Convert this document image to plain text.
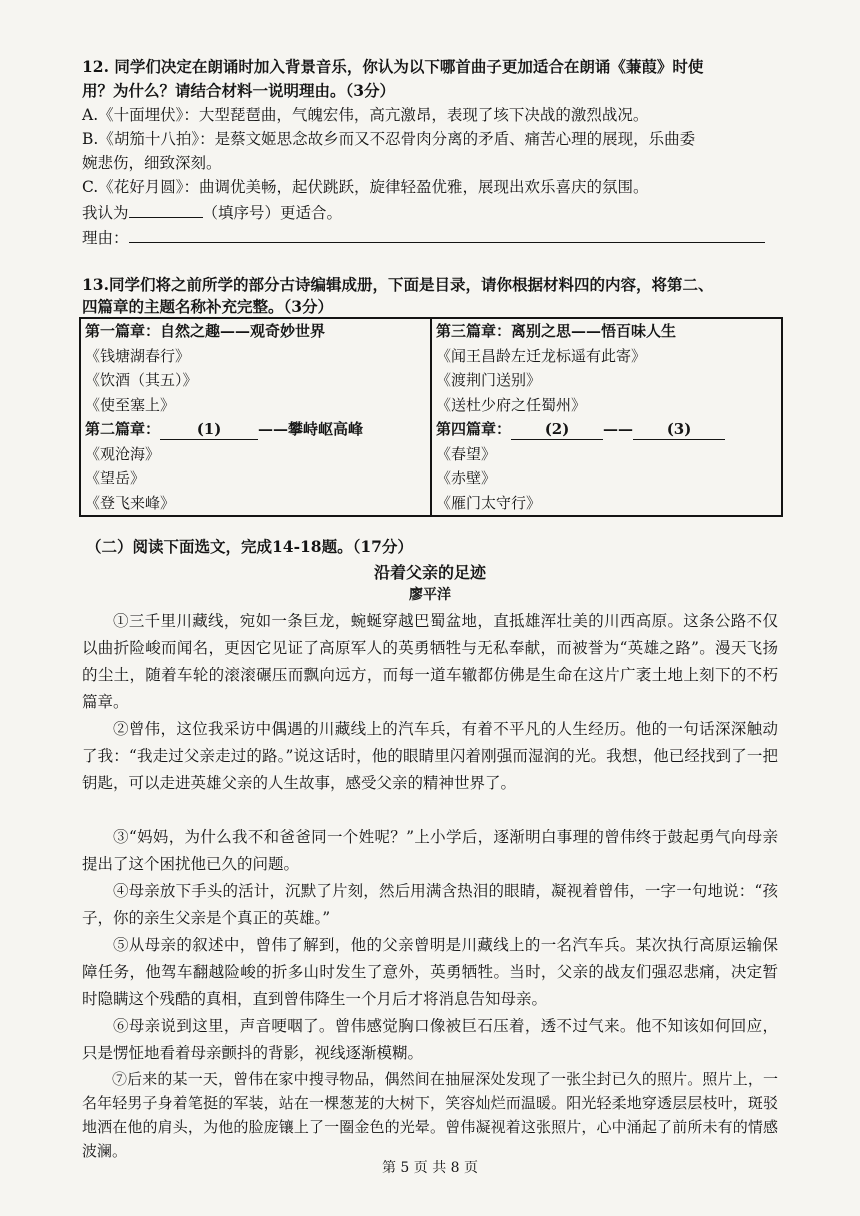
12. 同学们决定在朗诵时加入背景音乐，你认为以下哪首曲子更加适合在朗诵《蒹葭》时使
用？为什么？请结合材料一说明理由。（3分）
A.《十面埋伏》：大型琵琶曲，气魄宏伟，高亢激昂，表现了垓下决战的激烈战况。
B.《胡笳十八拍》：是蔡文姬思念故乡而又不忍骨肉分离的矛盾、痛苦心理的展现，乐曲委
婉悲伤，细致深刻。
C.《花好月圆》：曲调优美畅，起伏跳跃，旋律轻盈优雅，展现出欢乐喜庆的氛围。
我认为	（填序号）更适合。
理由：
13.同学们将之前所学的部分古诗编辑成册，下面是目录，请你根据材料四的内容，将第二、
四篇章的主题名称补充完整。（3分）
第一篇章：自然之趣——观奇妙世界
《钱塘湖春行》
《饮酒（其五）》
《使至塞上》
第二篇章： (1) ——攀峙岖高峰
《观沧海》
《望岳》
《登飞来峰》

第三篇章：离别之思——悟百味人生
《闻王昌龄左迁龙标遥有此寄》
《渡荆门送别》
《送杜少府之任蜀州》
第四篇章： (2) —— (3)
《春望》
《赤壁》
《雁门太守行》
（二）阅读下面选文，完成14-18题。（17分）
沿着父亲的足迹
廖平洋
①三千里川藏线，宛如一条巨龙，蜿蜒穿越巴蜀盆地，直抵雄浑壮美的川西高原。这条公路不仅以曲折险峻而闻名，更因它见证了高原军人的英勇牺牲与无私奉献，而被誉为“英雄之路”。漫天飞扬的尘土，随着车轮的滚滚碾压而飘向远方，而每一道车辙都仿佛是生命在这片广袤土地上刻下的不朽篇章。
②曾伟，这位我采访中偶遇的川藏线上的汽车兵，有着不平凡的人生经历。他的一句话深深触动了我：“我走过父亲走过的路。”说这话时，他的眼睛里闪着刚强而湿润的光。我想，他已经找到了一把钥匙，可以走进英雄父亲的人生故事，感受父亲的精神世界了。
③“妈妈，为什么我不和爸爸同一个姓呢？”上小学后，逐渐明白事理的曾伟终于鼓起勇气向母亲提出了这个困扰他已久的问题。
④母亲放下手头的活计，沉默了片刻，然后用满含热泪的眼睛，凝视着曾伟，一字一句地说：“孩子，你的亲生父亲是个真正的英雄。”
⑤从母亲的叙述中，曾伟了解到，他的父亲曾明是川藏线上的一名汽车兵。某次执行高原运输保障任务，他驾车翻越险峻的折多山时发生了意外，英勇牺牲。当时，父亲的战友们强忍悲痛，决定暂时隐瞒这个残酷的真相，直到曾伟降生一个月后才将消息告知母亲。
⑥母亲说到这里，声音哽咽了。曾伟感觉胸口像被巨石压着，透不过气来。他不知该如何回应，只是愣怔地看着母亲颤抖的背影，视线逐渐模糊。
⑦后来的某一天，曾伟在家中搜寻物品，偶然间在抽屉深处发现了一张尘封已久的照片。照片上，一名年轻男子身着笔挺的军装，站在一棵葱茏的大树下，笑容灿烂而温暖。阳光轻柔地穿透层层枝叶，斑驳地洒在他的肩头，为他的脸庞镶上了一圈金色的光晕。曾伟凝视着这张照片，心中涌起了前所未有的情感波澜。
第 5 页 共 8 页
